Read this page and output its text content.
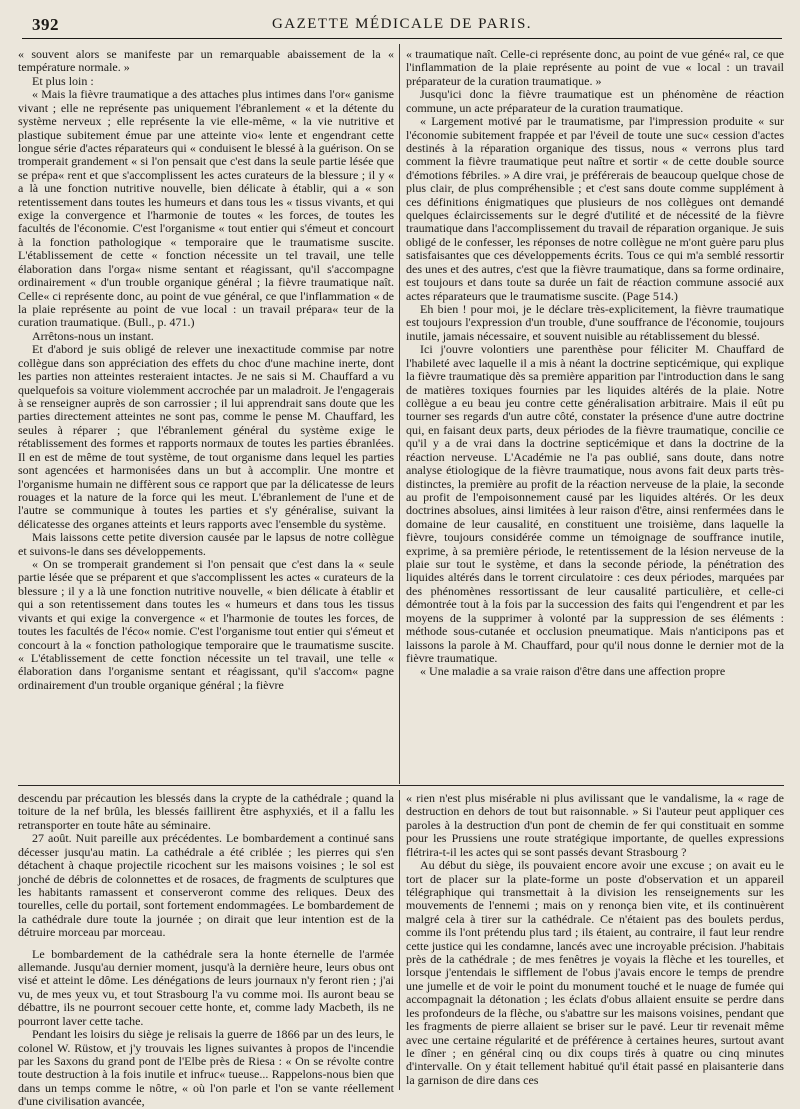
392	GAZETTE MÉDICALE DE PARIS.

« souvent alors se manifeste par un remarquable abaissement de la « température normale. »

Et plus loin :

« Mais la fièvre traumatique a des attaches plus intimes dans l'or« ganisme vivant ; elle ne représente pas uniquement l'ébranlement « et la détente du système nerveux ; elle représente la vie elle-même, « la vie nutritive et plastique subitement émue par une atteinte vio« lente et engendrant cette longue série d'actes réparateurs qui « conduisent le blessé à la guérison. On se tromperait grandement « si l'on pensait que c'est dans la seule partie lésée que se prépa« rent et que s'accomplissent les actes curateurs de la blessure ; il y « a là une fonction nutritive nouvelle, bien délicate à établir, qui a « son retentissement dans toutes les humeurs et dans tous les « tissus vivants, et qui exige la convergence et l'harmonie de toutes « les forces, de toutes les facultés de l'économie. C'est l'organisme « tout entier qui s'émeut et concourt à la fonction pathologique « temporaire que le traumatisme suscite. L'établissement de cette « fonction nécessite un tel travail, une telle élaboration dans l'orga« nisme sentant et réagissant, qu'il s'accompagne ordinairement « d'un trouble organique général ; la fièvre traumatique naît. Celle« ci représente donc, au point de vue général, ce que l'inflammation « de la plaie représente au point de vue local : un travail prépara« teur de la curation traumatique. (Bull., p. 471.)

Arrêtons-nous un instant.

Et d'abord je suis obligé de relever une inexactitude commise par notre collègue dans son appréciation des effets du choc d'une machine inerte, dont les parties non atteintes resteraient intactes. Je ne sais si M. Chauffard a vu quelquefois sa voiture violemment accrochée par un maladroit. Je l'engagerais à se renseigner auprès de son carrossier ; il lui apprendrait sans doute que les parties directement atteintes ne sont pas, comme le pense M. Chauffard, les seules à réparer ; que l'ébranlement général du système exige le rétablissement des formes et rapports normaux de toutes les parties ébranlées. Il en est de même de tout système, de tout organisme dans lequel les parties sont agencées et harmonisées dans un but à accomplir. Une montre et l'organisme humain ne diffèrent sous ce rapport que par la délicatesse de leurs rouages et la nature de la force qui les meut. L'ébranlement de l'une et de l'autre se communique à toutes les parties et s'y généralise, suivant la délicatesse des organes atteints et leurs rapports avec l'ensemble du système.

Mais laissons cette petite diversion causée par le lapsus de notre collègue et suivons-le dans ses développements.

« On se tromperait grandement si l'on pensait que c'est dans la « seule partie lésée que se préparent et que s'accomplissent les actes « curateurs de la blessure ; il y a là une fonction nutritive nouvelle, « bien délicate à établir et qui a son retentissement dans toutes les « humeurs et dans tous les tissus vivants et qui exige la convergence « et l'harmonie de toutes les forces, de toutes les facultés de l'éco« nomie. C'est l'organisme tout entier qui s'émeut et concourt à la « fonction pathologique temporaire que le traumatisme suscite. « L'établissement de cette fonction nécessite un tel travail, une telle « élaboration dans l'organisme sentant et réagissant, qu'il s'accom« pagne ordinairement d'un trouble organique général ; la fièvre

« traumatique naît. Celle-ci représente donc, au point de vue géné« ral, ce que l'inflammation de la plaie représente au point de vue « local : un travail préparateur de la curation traumatique. »

Jusqu'ici donc la fièvre traumatique est un phénomène de réaction commune, un acte préparateur de la curation traumatique.

« Largement motivé par le traumatisme, par l'impression produite « sur l'économie subitement frappée et par l'éveil de toute une suc« cession d'actes destinés à la réparation organique des tissus, nous « verrons plus tard comment la fièvre traumatique peut naître et sortir « de cette double source d'émotions fébriles. » A dire vrai, je préférerais de beaucoup quelque chose de plus clair, de plus compréhensible ; et c'est sans doute comme supplément à ces définitions énigmatiques que plusieurs de nos collègues ont demandé quelques éclaircissements sur le degré d'utilité et de nécessité de la fièvre traumatique dans l'accomplissement du travail de réparation organique. Je suis obligé de le confesser, les réponses de notre collègue ne m'ont guère paru plus satisfaisantes que ces développements écrits. Tous ce qui m'a semblé ressortir des unes et des autres, c'est que la fièvre traumatique, dans sa forme ordinaire, est toujours et dans toute sa durée un fait de réaction commune associé aux actes réparateurs que le traumatisme suscite. (Page 514.)

Eh bien ! pour moi, je le déclare très-explicitement, la fièvre traumatique est toujours l'expression d'un trouble, d'une souffrance de l'économie, toujours inutile, jamais nécessaire, et souvent nuisible au rétablissement du blessé.

Ici j'ouvre volontiers une parenthèse pour féliciter M. Chauffard de l'habileté avec laquelle il a mis à néant la doctrine septicémique, qui explique la fièvre traumatique dès sa première apparition par l'introduction dans le sang de matières toxiques fournies par les liquides altérés de la plaie. Notre collègue a eu beau jeu contre cette généralisation arbitraire. Mais il eût pu tourner ses regards d'un autre côté, constater la présence d'une autre doctrine qui, en faisant deux parts, deux périodes de la fièvre traumatique, concilie ce qu'il y a de vrai dans la doctrine septicémique et dans la doctrine de la réaction nerveuse. L'Académie ne l'a pas oublié, sans doute, dans notre analyse étiologique de la fièvre traumatique, nous avons fait deux parts très-distinctes, la première au profit de la réaction nerveuse de la plaie, la seconde au profit de l'empoisonnement causé par les liquides altérés. Or les deux doctrines absolues, ainsi limitées à leur raison d'être, ainsi renfermées dans le domaine de leur causalité, en constituent une troisième, dans laquelle la fièvre, toujours considérée comme un témoignage de souffrance inutile, exprime, à sa première période, le retentissement de la lésion nerveuse de la plaie sur tout le système, et dans la seconde période, la pénétration des liquides altérés dans le torrent circulatoire : ces deux périodes, marquées par des phénomènes ressortissant de leur causalité particulière, et celle-ci démontrée tout à la fois par la succession des faits qui l'engendrent et par les moyens de la supprimer à volonté par la suppression de ses éléments : méthode sous-cutanée et occlusion pneumatique. Mais n'anticipons pas et laissons la parole à M. Chauffard, pour qu'il nous donne le dernier mot de la fièvre traumatique.

« Une maladie a sa vraie raison d'être dans une affection propre

descendu par précaution les blessés dans la crypte de la cathédrale ; quand la toiture de la nef brûla, les blessés faillirent être asphyxiés, et il a fallu les retransporter en toute hâte au séminaire.

27 août. Nuit pareille aux précédentes. Le bombardement a continué sans décesser jusqu'au matin. La cathédrale a été criblée ; les pierres qui s'en détachent à chaque projectile ricochent sur les maisons voisines ; le sol est jonché de débris de colonnettes et de rosaces, de fragments de sculptures que les habitants ramassent et conserveront comme des reliques. Deux des tourelles, celle du portail, sont fortement endommagées. Le bombardement de la cathédrale dure toute la journée ; on dirait que leur intention est de la détruire morceau par morceau.

Le bombardement de la cathédrale sera la honte éternelle de l'armée allemande. Jusqu'au dernier moment, jusqu'à la dernière heure, leurs obus ont visé et atteint le dôme. Les dénégations de leurs journaux n'y feront rien ; j'ai vu, de mes yeux vu, et tout Strasbourg l'a vu comme moi. Ils auront beau se débattre, ils ne pourront secouer cette honte, et, comme lady Macbeth, ils ne pourront laver cette tache.

Pendant les loisirs du siège je relisais la guerre de 1866 par un des leurs, le colonel W. Rüstow, et j'y trouvais les lignes suivantes à propos de l'incendie par les Saxons du grand pont de l'Elbe près de Riesa : « On se révolte contre toute destruction à la fois inutile et infruc« tueuse... Rappelons-nous bien que dans un temps comme le nôtre, « où l'on parle et l'on se vante réellement d'une civilisation avancée,

« rien n'est plus misérable ni plus avilissant que le vandalisme, la « rage de destruction en dehors de tout but raisonnable. » Si l'auteur peut appliquer ces paroles à la destruction d'un pont de chemin de fer qui constituait en somme pour les Prussiens une route stratégique importante, de quelles expressions flétrira-t-il les actes qui se sont passés devant Strasbourg ?

Au début du siège, ils pouvaient encore avoir une excuse ; on avait eu le tort de placer sur la plate-forme un poste d'observation et un appareil télégraphique qui transmettait à la division les renseignements sur les mouvements de l'ennemi ; mais on y renonça bien vite, et ils continuèrent malgré cela à tirer sur la cathédrale. Ce n'étaient pas des boulets perdus, comme ils l'ont prétendu plus tard ; ils étaient, au contraire, il faut leur rendre cette justice qui les condamne, lancés avec une incroyable précision. J'habitais près de la cathédrale ; de mes fenêtres je voyais la flèche et les tourelles, et lorsque j'entendais le sifflement de l'obus j'avais encore le temps de prendre une jumelle et de voir le point du monument touché et le nuage de fumée qui accompagnait la détonation ; les éclats d'obus allaient ensuite se perdre dans les profondeurs de la flèche, ou s'abattre sur les maisons voisines, pendant que les fragments de pierre allaient se briser sur le pavé. Leur tir revenait même avec une certaine régularité et de préférence à certaines heures, surtout avant le dîner ; en général cinq ou dix coups tirés à quatre ou cinq minutes d'intervalle. On y était tellement habitué qu'il était passé en plaisanterie dans la garnison de dire dans ces
